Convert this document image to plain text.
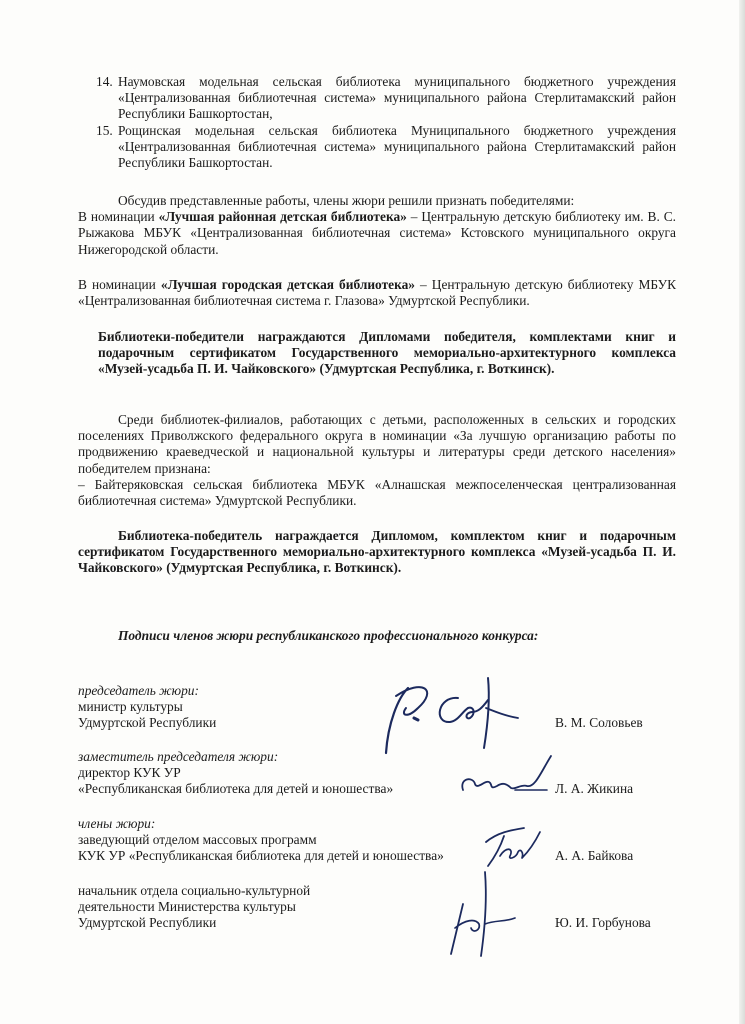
14. Наумовская модельная сельская библиотека муниципального бюджетного учреждения «Централизованная библиотечная система» муниципального района Стерлитамакский район Республики Башкортостан,
15. Рощинская модельная сельская библиотека Муниципального бюджетного учреждения «Централизованная библиотечная система» муниципального района Стерлитамакский район Республики Башкортостан.
Обсудив представленные работы, члены жюри решили признать победителями:
В номинации «Лучшая районная детская библиотека» – Центральную детскую библиотеку им. В. С. Рыжакова МБУК «Централизованная библиотечная система» Кстовского муниципального округа Нижегородской области.
В номинации «Лучшая городская детская библиотека» – Центральную детскую библиотеку МБУК «Централизованная библиотечная система г. Глазова» Удмуртской Республики.
Библиотеки-победители награждаются Дипломами победителя, комплектами книг и подарочным сертификатом Государственного мемориально-архитектурного комплекса «Музей-усадьба П. И. Чайковского» (Удмуртская Республика, г. Воткинск).
Среди библиотек-филиалов, работающих с детьми, расположенных в сельских и городских поселениях Приволжского федерального округа в номинации «За лучшую организацию работы по продвижению краеведческой и национальной культуры и литературы среди детского населения» победителем признана:
– Байтеряковская сельская библиотека МБУК «Алнашская межпоселенческая централизованная библиотечная система» Удмуртской Республики.
Библиотека-победитель награждается Дипломом, комплектом книг и подарочным сертификатом Государственного мемориально-архитектурного комплекса «Музей-усадьба П. И. Чайковского» (Удмуртская Республика, г. Воткинск).
Подписи членов жюри республиканского профессионального конкурса:
председатель жюри:
министр культуры
Удмуртской Республики	В. М. Соловьев
заместитель председателя жюри:
директор КУК УР
«Республиканская библиотека для детей и юношества»	Л. А. Жикина
члены жюри:
заведующий отделом массовых программ
КУК УР «Республиканская библиотека для детей и юношества»	А. А. Байкова
начальник отдела социально-культурной
деятельности Министерства культуры
Удмуртской Республики	Ю. И. Горбунова
